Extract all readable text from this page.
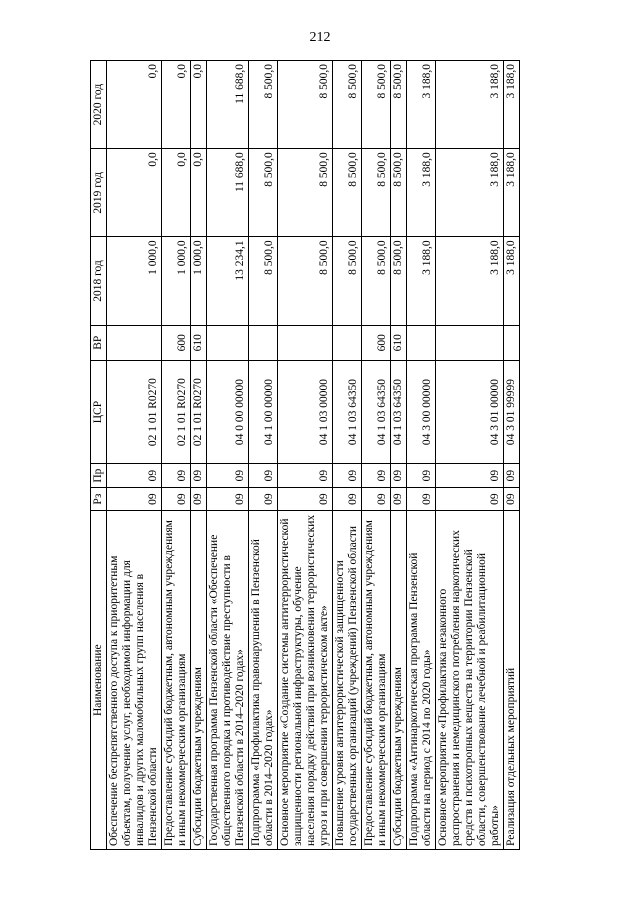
212
Наименование	Рз	Пр	ЦСР	ВР	2018 год	2019 год	2020 год
Обеспечение беспрепятственного доступа к приоритетным объектам, получение услуг, необходимой информации для инвалидов и других маломобильных групп населения в Пензенской области	09	09	02 1 01 R0270		1 000,0	0,0	0,0
Предоставление субсидий бюджетным, автономным учреждениям и иным некоммерческим организациям	09	09	02 1 01 R0270	600	1 000,0	0,0	0,0
Субсидии бюджетным учреждениям	09	09	02 1 01 R0270	610	1 000,0	0,0	0,0
Государственная программа Пензенской области «Обеспечение общественного порядка и противодействие преступности в Пензенской области в 2014–2020 годах»	09	09	04 0 00 00000		13 234,1	11 688,0	11 688,0
Подпрограмма «Профилактика правонарушений в Пензенской области в 2014–2020 годах»	09	09	04 1 00 00000		8 500,0	8 500,0	8 500,0
Основное мероприятие «Создание системы антитеррористической защищенности региональной инфраструктуры, обучение населения порядку действий при возникновении террористических угроз и при совершении террористическом акте»	09	09	04 1 03 00000		8 500,0	8 500,0	8 500,0
Повышение уровня антитеррористической защищенности государственных организаций (учреждений) Пензенской области	09	09	04 1 03 64350		8 500,0	8 500,0	8 500,0
Предоставление субсидий бюджетным, автономным учреждениям и иным некоммерческим организациям	09	09	04 1 03 64350	600	8 500,0	8 500,0	8 500,0
Субсидии бюджетным учреждениям	09	09	04 1 03 64350	610	8 500,0	8 500,0	8 500,0
Подпрограмма «Антинаркотическая программа Пензенской области на период с 2014 по 2020 годы»	09	09	04 3 00 00000		3 188,0	3 188,0	3 188,0
Основное мероприятие «Профилактика незаконного распространения и немедицинского потребления наркотических средств и психотропных веществ на территории Пензенской области, совершенствование лечебной и реабилитационной работы»	09	09	04 3 01 00000		3 188,0	3 188,0	3 188,0
Реализация отдельных мероприятий	09	09	04 3 01 99999		3 188,0	3 188,0	3 188,0
